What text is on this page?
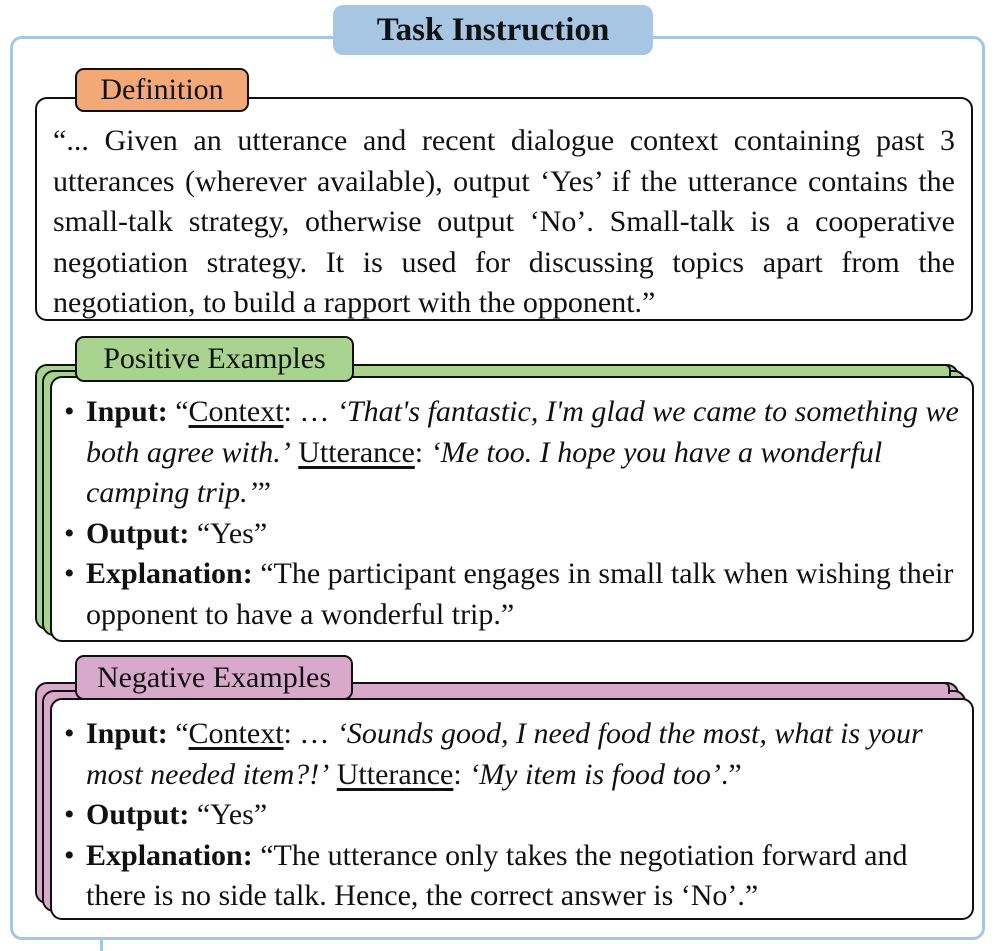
Task Instruction
“... Given an utterance and recent dialogue context containing past 3 utterances (wherever available), output ‘Yes’ if the utterance contains the small-talk strategy, otherwise output ‘No’. Small-talk is a cooperative negotiation strategy. It is used for discussing topics apart from the negotiation, to build a rapport with the opponent.”
Definition
Positive Examples
• Input: “Context: … ‘That's fantastic, I'm glad we came to something we both agree with.’ Utterance: ‘Me too. I hope you have a wonderful camping trip.’”
• Output: “Yes”
• Explanation: “The participant engages in small talk when wishing their opponent to have a wonderful trip.”
Negative Examples
• Input: “Context: … ‘Sounds good, I need food the most, what is your most needed item?!’ Utterance: ‘My item is food too’.”
• Output: “Yes”
• Explanation: “The utterance only takes the negotiation forward and there is no side talk. Hence, the correct answer is ‘No’.”
